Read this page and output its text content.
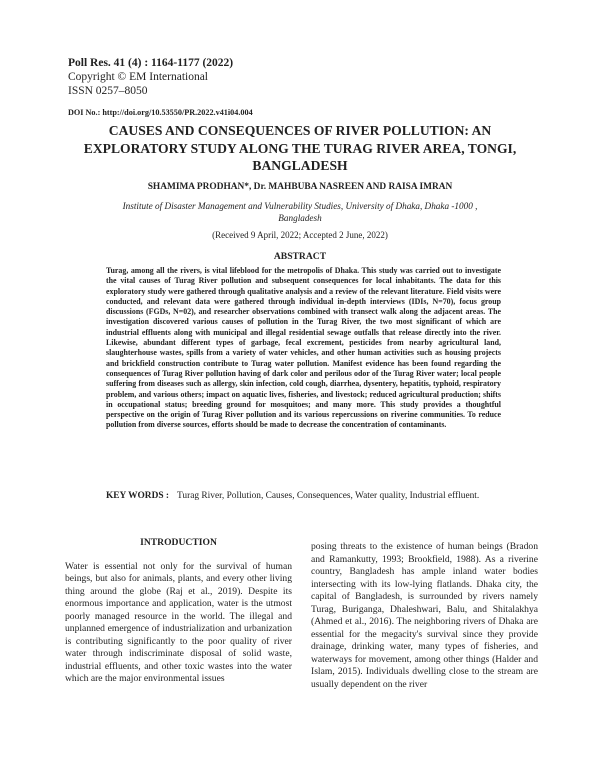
Poll Res. 41 (4) : 1164-1177 (2022)
Copyright © EM International
ISSN 0257–8050
DOI No.: http://doi.org/10.53550/PR.2022.v41i04.004
CAUSES AND CONSEQUENCES OF RIVER POLLUTION: AN EXPLORATORY STUDY ALONG THE TURAG RIVER AREA, TONGI, BANGLADESH
SHAMIMA PRODHAN*, Dr. MAHBUBA NASREEN AND RAISA IMRAN
Institute of Disaster Management and Vulnerability Studies, University of Dhaka, Dhaka -1000 , Bangladesh
(Received 9 April, 2022; Accepted 2 June, 2022)
ABSTRACT
Turag, among all the rivers, is vital lifeblood for the metropolis of Dhaka. This study was carried out to investigate the vital causes of Turag River pollution and subsequent consequences for local inhabitants. The data for this exploratory study were gathered through qualitative analysis and a review of the relevant literature. Field visits were conducted, and relevant data were gathered through individual in-depth interviews (IDIs, N=70), focus group discussions (FGDs, N=02), and researcher observations combined with transect walk along the adjacent areas. The investigation discovered various causes of pollution in the Turag River, the two most significant of which are industrial effluents along with municipal and illegal residential sewage outfalls that release directly into the river. Likewise, abundant different types of garbage, fecal excrement, pesticides from nearby agricultural land, slaughterhouse wastes, spills from a variety of water vehicles, and other human activities such as housing projects and brickfield construction contribute to Turag water pollution. Manifest evidence has been found regarding the consequences of Turag River pollution having of dark color and perilous odor of the Turag River water; local people suffering from diseases such as allergy, skin infection, cold cough, diarrhea, dysentery, hepatitis, typhoid, respiratory problem, and various others; impact on aquatic lives, fisheries, and livestock; reduced agricultural production; shifts in occupational status; breeding ground for mosquitoes; and many more. This study provides a thoughtful perspective on the origin of Turag River pollution and its various repercussions on riverine communities. To reduce pollution from diverse sources, efforts should be made to decrease the concentration of contaminants.
KEY WORDS : Turag River, Pollution, Causes, Consequences, Water quality, Industrial effluent.
INTRODUCTION
Water is essential not only for the survival of human beings, but also for animals, plants, and every other living thing around the globe (Raj et al., 2019). Despite its enormous importance and application, water is the utmost poorly managed resource in the world. The illegal and unplanned emergence of industrialization and urbanization is contributing significantly to the poor quality of river water through indiscriminate disposal of solid waste, industrial effluents, and other toxic wastes into the water which are the major environmental issues
posing threats to the existence of human beings (Bradon and Ramankutty, 1993; Brookfield, 1988). As a riverine country, Bangladesh has ample inland water bodies intersecting with its low-lying flatlands. Dhaka city, the capital of Bangladesh, is surrounded by rivers namely Turag, Buriganga, Dhaleshwari, Balu, and Shitalakhya (Ahmed et al., 2016). The neighboring rivers of Dhaka are essential for the megacity's survival since they provide drainage, drinking water, many types of fisheries, and waterways for movement, among other things (Halder and Islam, 2015). Individuals dwelling close to the stream are usually dependent on the river
